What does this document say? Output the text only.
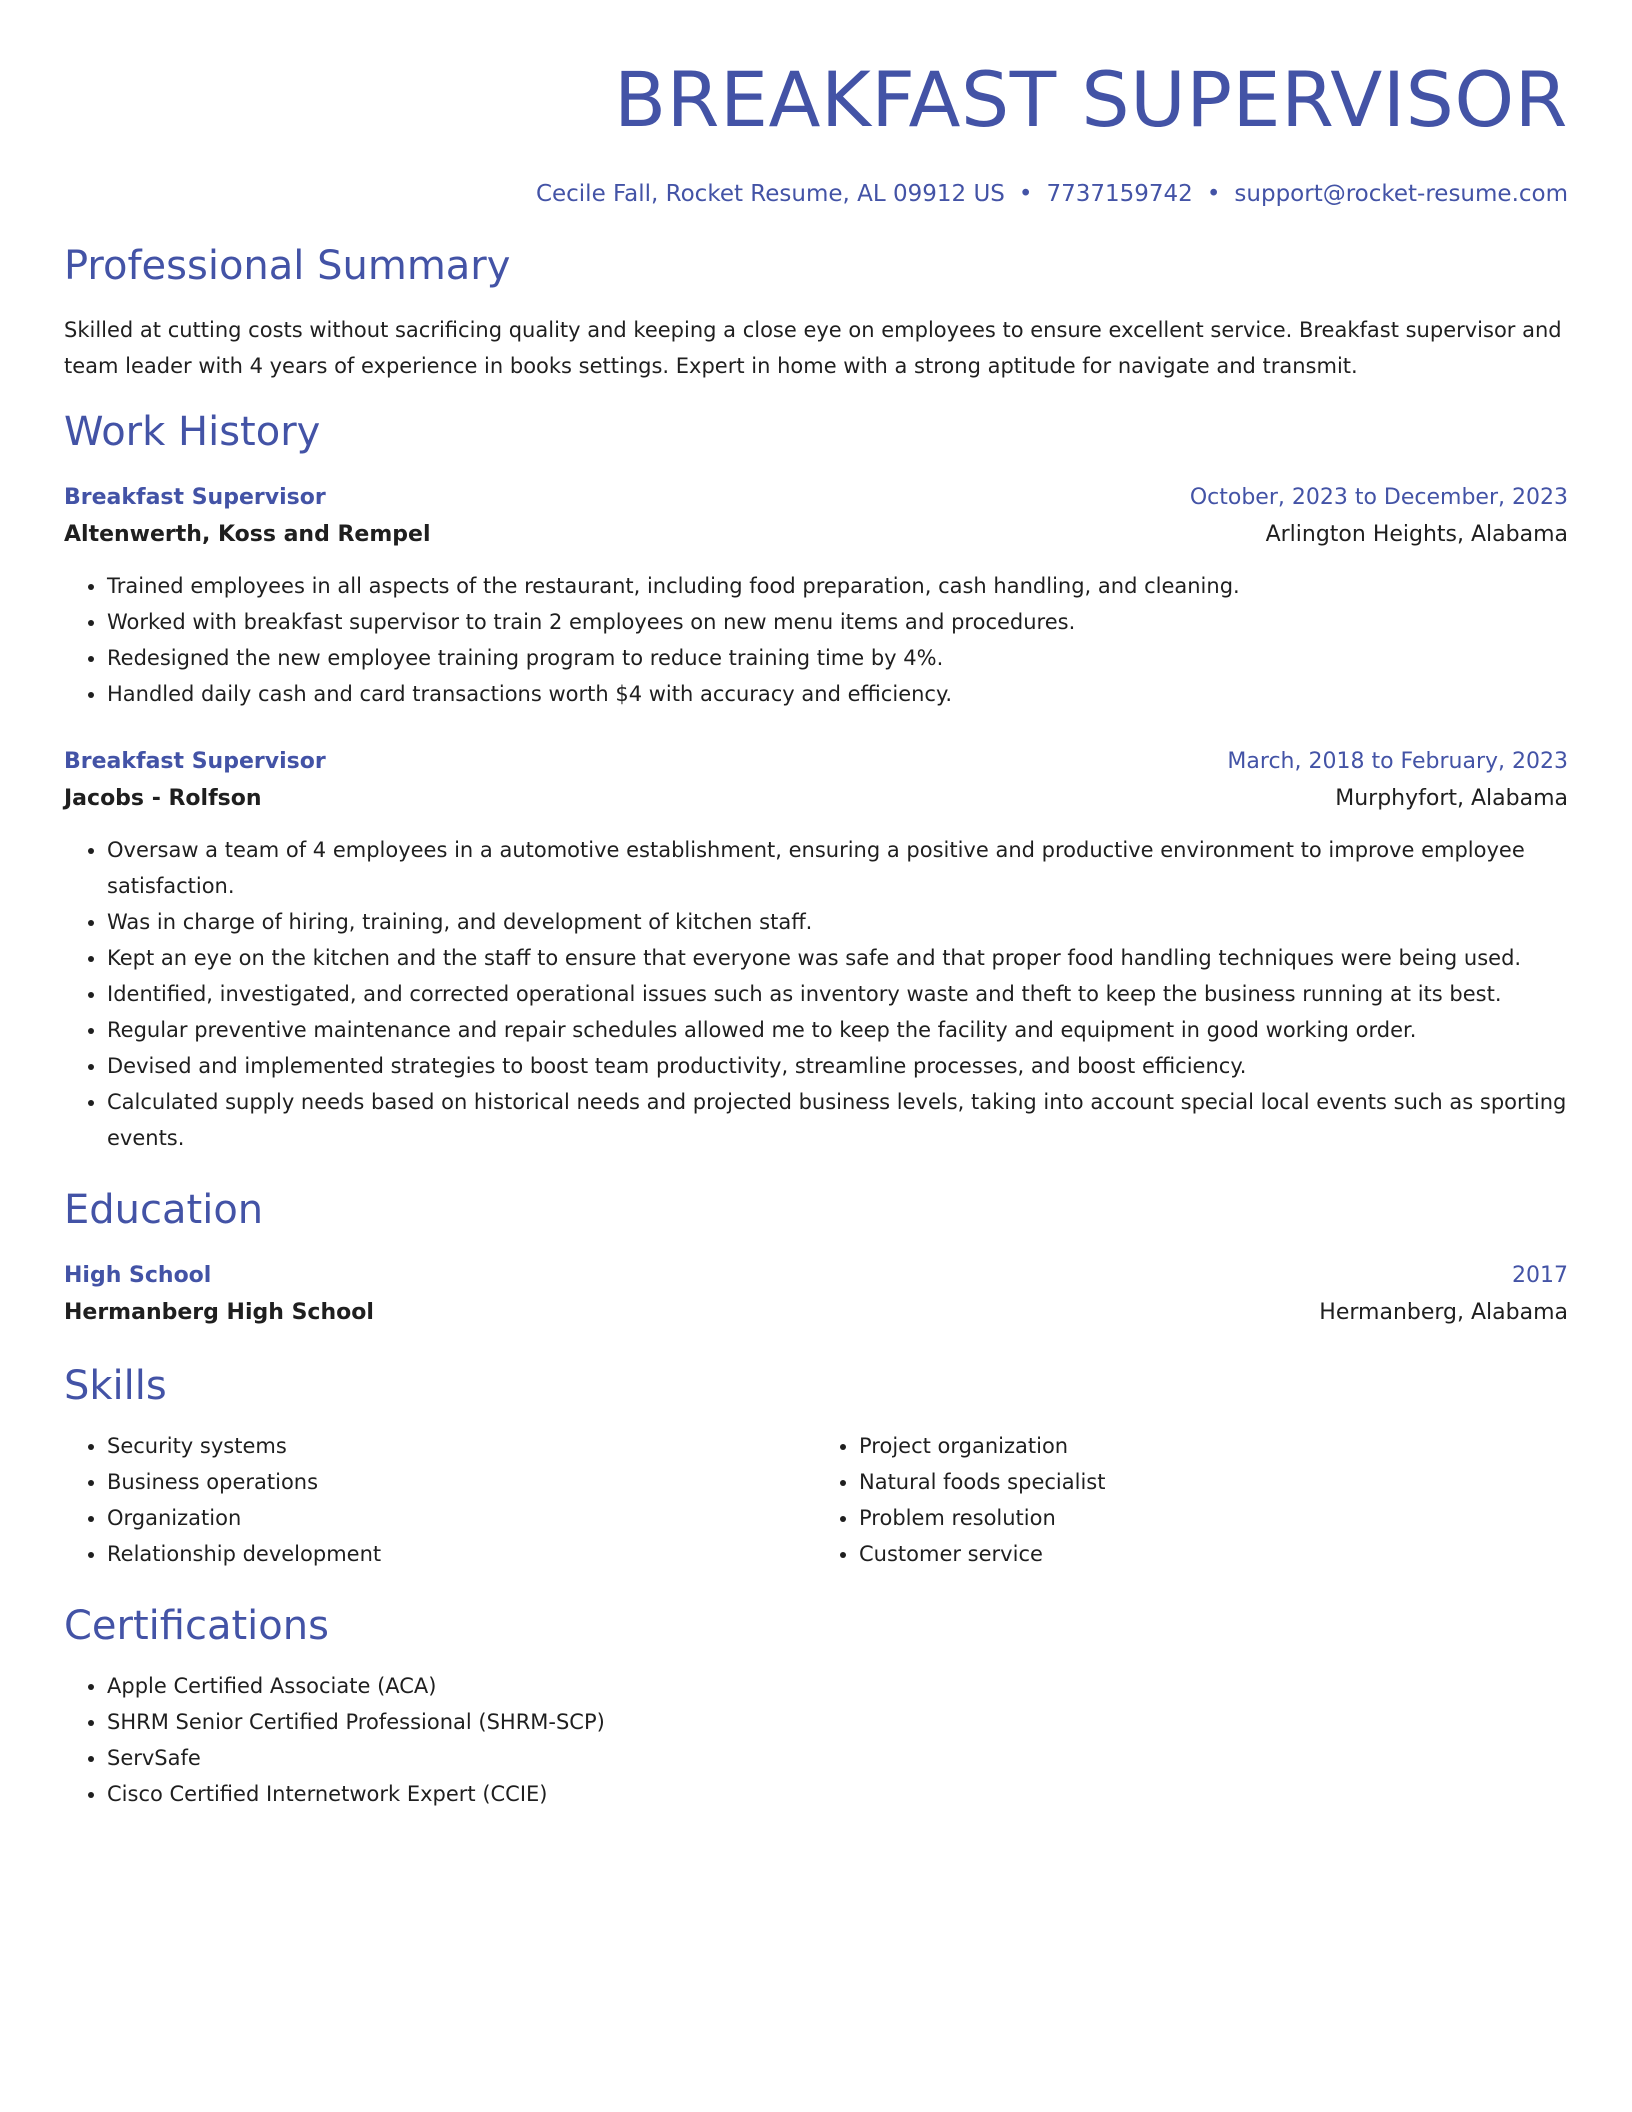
BREAKFAST SUPERVISOR
Cecile Fall, Rocket Resume, AL 09912 US • 7737159742 • support@rocket-resume.com
Professional Summary

Skilled at cutting costs without sacrificing quality and keeping a close eye on employees to ensure excellent service. Breakfast supervisor and team leader with 4 years of experience in books settings. Expert in home with a strong aptitude for navigate and transmit.

Work History
Breakfast Supervisor	October, 2023 to December, 2023
Altenwerth, Koss and Rempel	Arlington Heights, Alabama
• Trained employees in all aspects of the restaurant, including food preparation, cash handling, and cleaning.
• Worked with breakfast supervisor to train 2 employees on new menu items and procedures.
• Redesigned the new employee training program to reduce training time by 4%.
• Handled daily cash and card transactions worth $4 with accuracy and efficiency.
Breakfast Supervisor	March, 2018 to February, 2023
Jacobs - Rolfson	Murphyfort, Alabama
• Oversaw a team of 4 employees in a automotive establishment, ensuring a positive and productive environment to improve employee satisfaction.
• Was in charge of hiring, training, and development of kitchen staff.
• Kept an eye on the kitchen and the staff to ensure that everyone was safe and that proper food handling techniques were being used.
• Identified, investigated, and corrected operational issues such as inventory waste and theft to keep the business running at its best.
• Regular preventive maintenance and repair schedules allowed me to keep the facility and equipment in good working order.
• Devised and implemented strategies to boost team productivity, streamline processes, and boost efficiency.
• Calculated supply needs based on historical needs and projected business levels, taking into account special local events such as sporting events.
Education
High School	2017
Hermanberg High School	Hermanberg, Alabama
Skills
• Security systems
• Business operations
• Organization
• Relationship development
• Project organization
• Natural foods specialist
• Problem resolution
• Customer service
Certifications
• Apple Certified Associate (ACA)
• SHRM Senior Certified Professional (SHRM-SCP)
• ServSafe
• Cisco Certified Internetwork Expert (CCIE)
